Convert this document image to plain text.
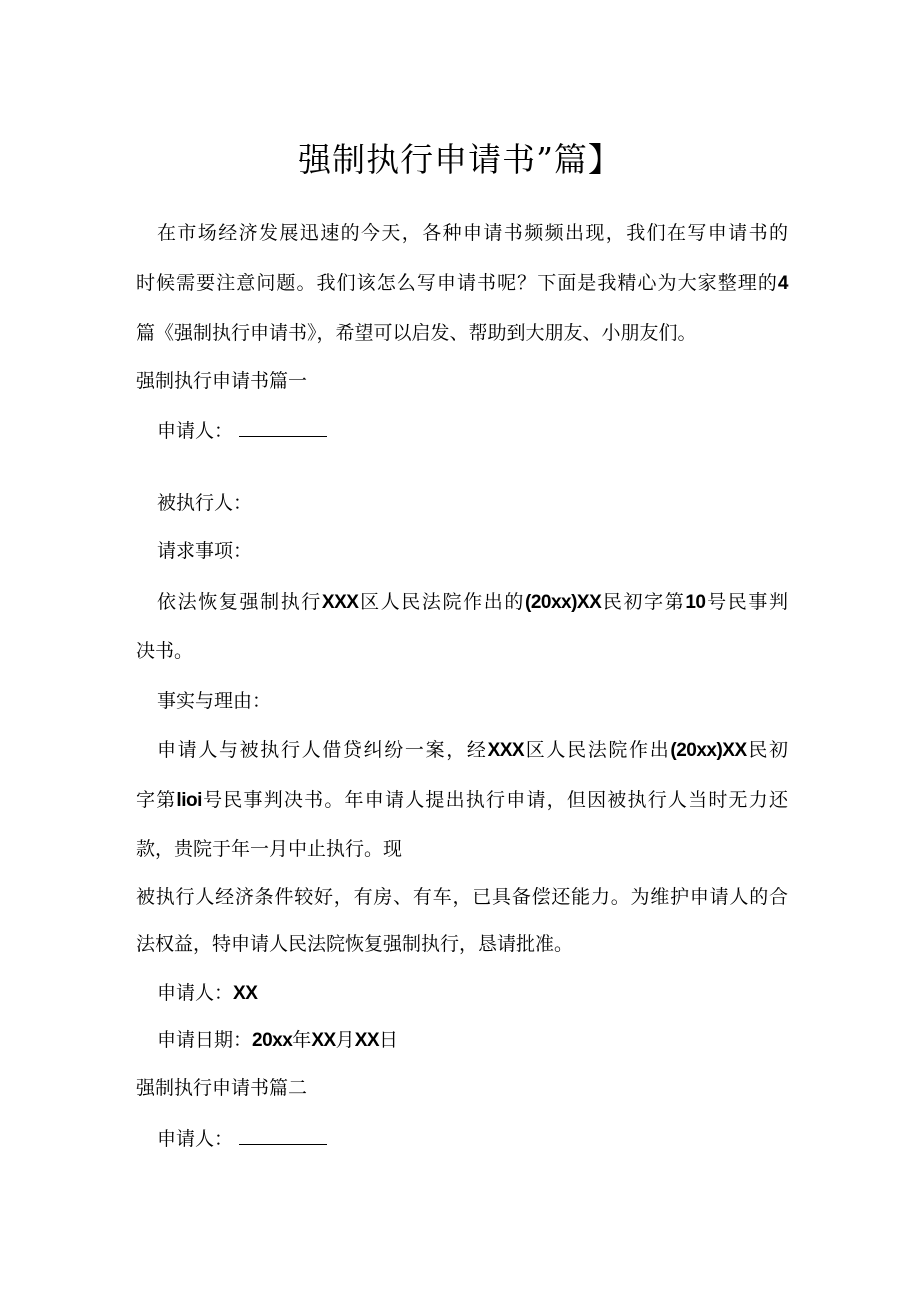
强制执行申请书”篇】
在市场经济发展迅速的今天，各种申请书频频出现，我们在写申请书的
时候需要注意问题。我们该怎么写申请书呢？下面是我精心为大家整理的4
篇《强制执行申请书》，希望可以启发、帮助到大朋友、小朋友们。
强制执行申请书篇一
申请人：
被执行人：
请求事项：
依法恢复强制执行XXX区人民法院作出的(20xx)XX民初字第10号民事判
决书。
事实与理由：
申请人与被执行人借贷纠纷一案，经XXX区人民法院作出(20xx)XX民初
字第lioi号民事判决书。年申请人提出执行申请，但因被执行人当时无力还
款，贵院于年一月中止执行。现
被执行人经济条件较好，有房、有车，已具备偿还能力。为维护申请人的合
法权益，特申请人民法院恢复强制执行，恳请批准。
申请人：XX
申请日期：20xx年XX月XX日
强制执行申请书篇二
申请人：
